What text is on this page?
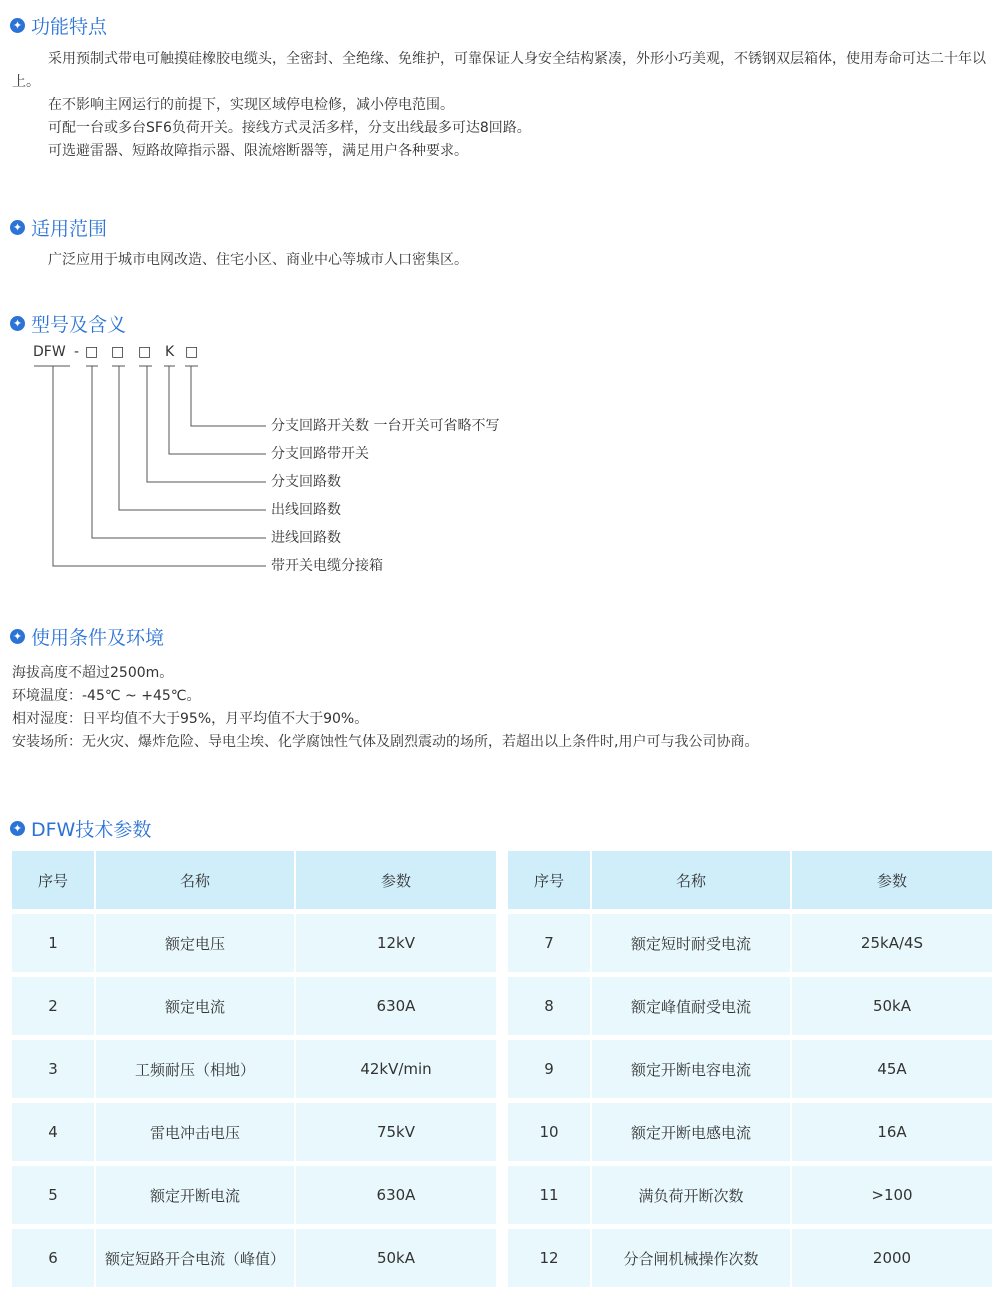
✦ 功能特点

采用预制式带电可触摸硅橡胶电缆头，全密封、全绝缘、免维护，可靠保证人身安全结构紧凑，外形小巧美观，不锈钢双层箱体，使用寿命可达二十年以上。

在不影响主网运行的前提下，实现区域停电检修，减小停电范围。

可配一台或多台SF6负荷开关。接线方式灵活多样，分支出线最多可达8回路。

可选避雷器、短路故障指示器、限流熔断器等，满足用户各种要求。

✦ 适用范围

广泛应用于城市电网改造、住宅小区、商业中心等城市人口密集区。

✦ 型号及含义
DFW - □ □ □ K □
分支回路开关数 一台开关可省略不写
分支回路带开关
分支回路数
出线回路数
进线回路数
带开关电缆分接箱
✦ 使用条件及环境

海拔高度不超过2500m。

环境温度：-45℃ ~ +45℃。

相对湿度：日平均值不大于95%，月平均值不大于90%。

安装场所：无火灾、爆炸危险、导电尘埃、化学腐蚀性气体及剧烈震动的场所，若超出以上条件时,用户可与我公司协商。

✦ DFW技术参数
序号	名称	参数
1	额定电压	12kV
2	额定电流	630A
3	工频耐压（相地）	42kV/min
4	雷电冲击电压	75kV
5	额定开断电流	630A
6	额定短路开合电流（峰值）	50kA
序号	名称	参数
7	额定短时耐受电流	25kA/4S
8	额定峰值耐受电流	50kA
9	额定开断电容电流	45A
10	额定开断电感电流	16A
11	满负荷开断次数	>100
12	分合闸机械操作次数	2000
